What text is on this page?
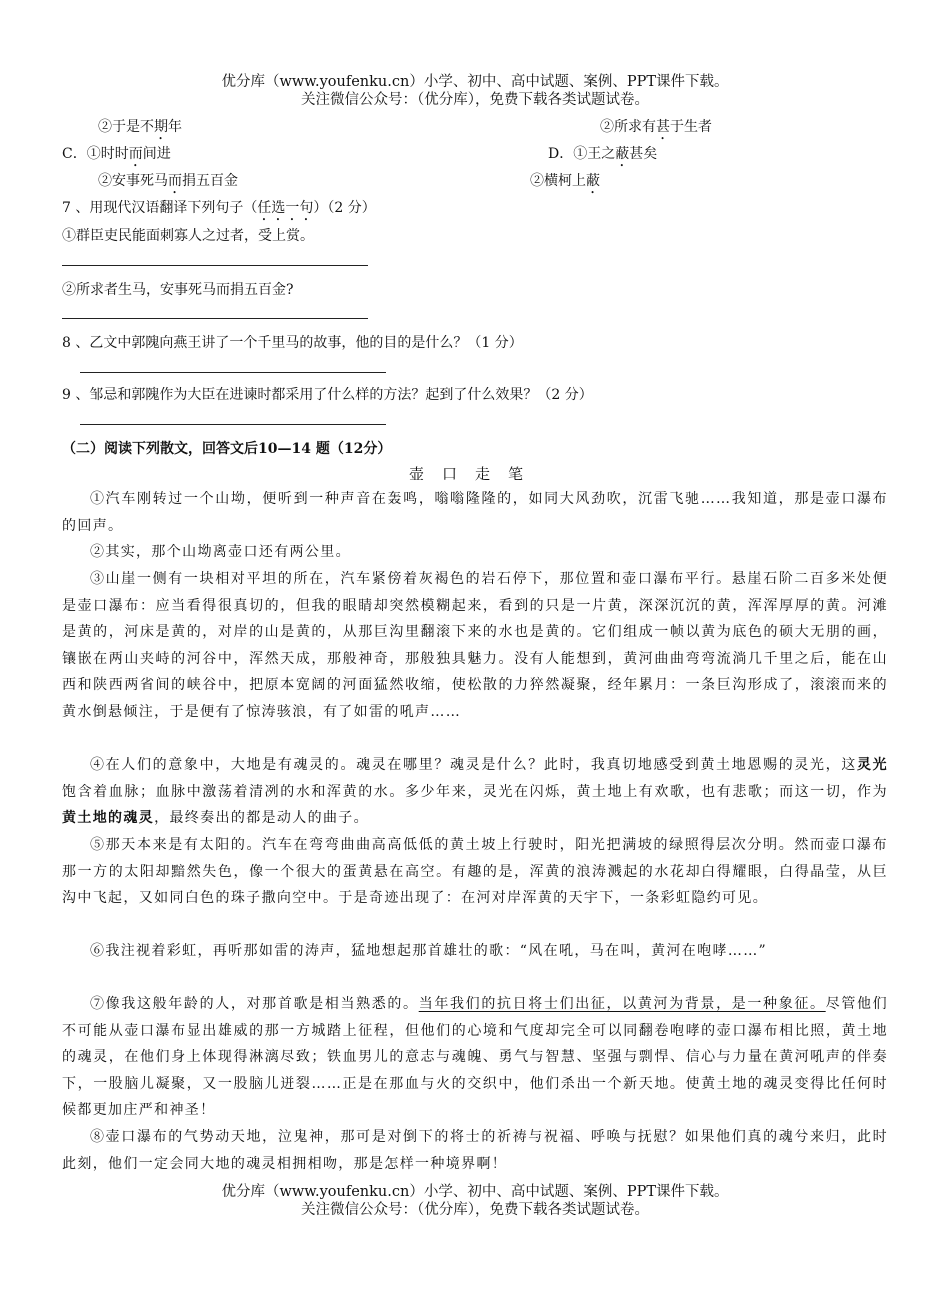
优分库（www.youfenku.cn）小学、初中、高中试题、案例、PPT课件下载。
关注微信公众号：（优分库），免费下载各类试题试卷。
②于是不期年	②所求有甚于生者
C．①时时而间进	D．①王之蔽甚矣
②安事死马而捐五百金	②横柯上蔽
7 、用现代汉语翻译下列句子（任选一句）（2 分）
①群臣吏民能面刺寡人之过者，受上赏。
②所求者生马，安事死马而捐五百金?
8 、乙文中郭隗向燕王讲了一个千里马的故事，他的目的是什么？（1 分）
9 、邹忌和郭隗作为大臣在进谏时都采用了什么样的方法？起到了什么效果？（2 分）
（二）阅读下列散文，回答文后10—14 题（12分）
壶口走笔

①汽车刚转过一个山坳，便听到一种声音在轰鸣，嗡嗡隆隆的，如同大风劲吹，沉雷飞驰……我知道，那是壶口瀑布的回声。

②其实，那个山坳离壶口还有两公里。

③山崖一侧有一块相对平坦的所在，汽车紧傍着灰褐色的岩石停下，那位置和壶口瀑布平行。悬崖石阶二百多米处便是壶口瀑布：应当看得很真切的，但我的眼睛却突然模糊起来，看到的只是一片黄，深深沉沉的黄，浑浑厚厚的黄。河滩是黄的，河床是黄的，对岸的山是黄的，从那巨沟里翻滚下来的水也是黄的。它们组成一帧以黄为底色的硕大无朋的画，镶嵌在两山夹峙的河谷中，浑然天成，那般神奇，那般独具魅力。没有人能想到，黄河曲曲弯弯流淌几千里之后，能在山西和陕西两省间的峡谷中，把原本宽阔的河面猛然收缩，使松散的力猝然凝聚，经年累月：一条巨沟形成了，滚滚而来的黄水倒悬倾注，于是便有了惊涛骇浪，有了如雷的吼声……

④在人们的意象中，大地是有魂灵的。魂灵在哪里？魂灵是什么？此时，我真切地感受到黄土地恩赐的灵光，这灵光饱含着血脉；血脉中激荡着清冽的水和浑黄的水。多少年来，灵光在闪烁，黄土地上有欢歌，也有悲歌；而这一切，作为黄土地的魂灵，最终奏出的都是动人的曲子。

⑤那天本来是有太阳的。汽车在弯弯曲曲高高低低的黄土坡上行驶时，阳光把满坡的绿照得层次分明。然而壶口瀑布那一方的太阳却黯然失色，像一个很大的蛋黄悬在高空。有趣的是，浑黄的浪涛溅起的水花却白得耀眼，白得晶莹，从巨沟中飞起，又如同白色的珠子撒向空中。于是奇迹出现了：在河对岸浑黄的天宇下，一条彩虹隐约可见。

⑥我注视着彩虹，再听那如雷的涛声，猛地想起那首雄壮的歌：“风在吼，马在叫，黄河在咆哮……”

⑦像我这般年龄的人，对那首歌是相当熟悉的。当年我们的抗日将士们出征，以黄河为背景，是一种象征。尽管他们不可能从壶口瀑布显出雄威的那一方城踏上征程，但他们的心境和气度却完全可以同翻卷咆哮的壶口瀑布相比照，黄土地的魂灵，在他们身上体现得淋漓尽致；铁血男儿的意志与魂魄、勇气与智慧、坚强与剽悍、信心与力量在黄河吼声的伴奏下，一股脑儿凝聚，又一股脑儿迸裂……正是在那血与火的交织中，他们杀出一个新天地。使黄土地的魂灵变得比任何时候都更加庄严和神圣！

⑧壶口瀑布的气势动天地，泣鬼神，那可是对倒下的将士的祈祷与祝福、呼唤与抚慰？如果他们真的魂兮来归，此时此刻，他们一定会同大地的魂灵相拥相吻，那是怎样一种境界啊！

优分库（www.youfenku.cn）小学、初中、高中试题、案例、PPT课件下载。
关注微信公众号：（优分库），免费下载各类试题试卷。
